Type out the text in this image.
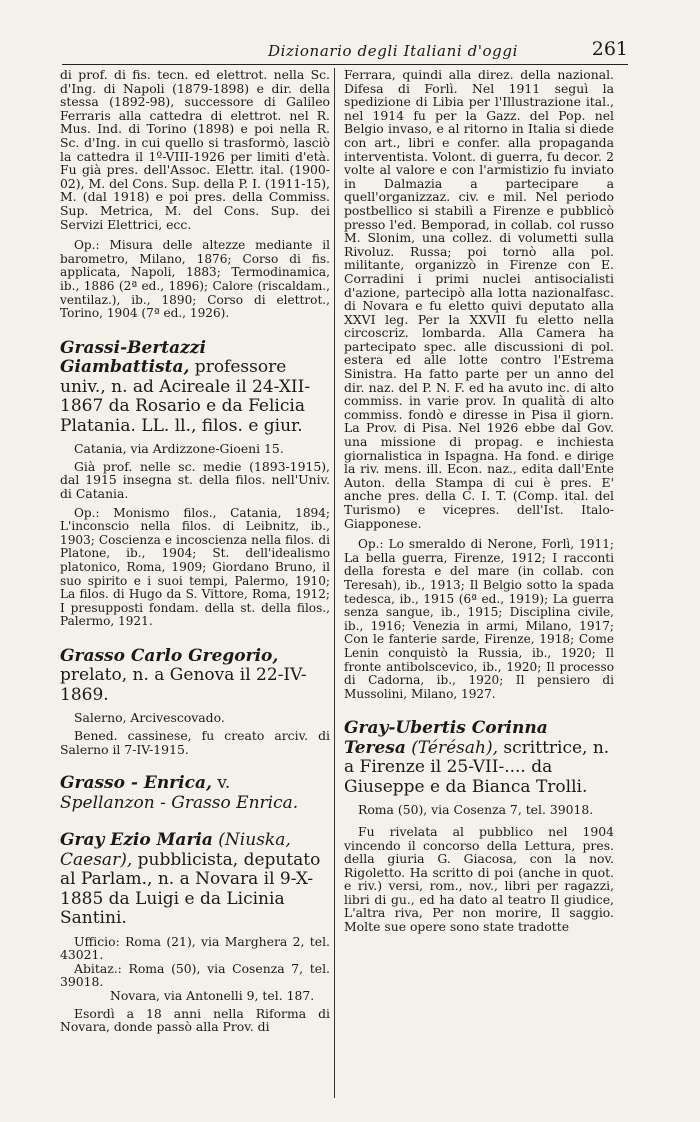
Dizionario degli Italiani d'oggi	261

di prof. di fis. tecn. ed elettrot. nella Sc. d'Ing. di Napoli (1879-1898) e dir. della stessa (1892-98), successore di Galileo Ferraris alla cattedra di elettrot. nel R. Mus. Ind. di Torino (1898) e poi nella R. Sc. d'Ing. in cui quello si trasformò, lasciò la cattedra il 1º-VIII-1926 per limiti d'età. Fu già pres. dell'Assoc. Elettr. ital. (1900-02), M. del Cons. Sup. della P. I. (1911-15), M. (dal 1918) e poi pres. della Commiss. Sup. Metrica, M. del Cons. Sup. dei Servizi Elettrici, ecc.

Op.: Misura delle altezze mediante il barometro, Milano, 1876; Corso di fis. applicata, Napoli, 1883; Termodinamica, ib., 1886 (2ª ed., 1896); Calore (riscaldam., ventilaz.), ib., 1890; Corso di elettrot., Torino, 1904 (7ª ed., 1926).

Grassi-Bertazzi Giambattista, professore univ., n. ad Acireale il 24-XII-1867 da Rosario e da Felicia Platania. LL. ll., filos. e giur.

Catania, via Ardizzone-Gioeni 15.

Già prof. nelle sc. medie (1893-1915), dal 1915 insegna st. della filos. nell'Univ. di Catania.

Op.: Monismo filos., Catania, 1894; L'inconscio nella filos. di Leibnitz, ib., 1903; Coscienza e incoscienza nella filos. di Platone, ib., 1904; St. dell'idealismo platonico, Roma, 1909; Giordano Bruno, il suo spirito e i suoi tempi, Palermo, 1910; La filos. di Hugo da S. Vittore, Roma, 1912; I presupposti fondam. della st. della filos., Palermo, 1921.

Grasso Carlo Gregorio, prelato, n. a Genova il 22-IV-1869.

Salerno, Arcivescovado.

Bened. cassinese, fu creato arciv. di Salerno il 7-IV-1915.

Grasso - Enrica, v. Spellanzon - Grasso Enrica.

Gray Ezio Maria (Niuska, Caesar), pubblicista, deputato al Parlam., n. a Novara il 9-X-1885 da Luigi e da Licinia Santini.

Ufficio: Roma (21), via Marghera 2, tel. 43021.

Abitaz.: Roma (50), via Cosenza 7, tel. 39018.

Novara, via Antonelli 9, tel. 187.

Esordì a 18 anni nella Riforma di Novara, donde passò alla Prov. di

Ferrara, quindi alla direz. della nazional. Difesa di Forlì. Nel 1911 seguì la spedizione di Libia per l'Illustrazione ital., nel 1914 fu per la Gazz. del Pop. nel Belgio invaso, e al ritorno in Italia si diede con art., libri e confer. alla propaganda interventista. Volont. di guerra, fu decor. 2 volte al valore e con l'armistizio fu inviato in Dalmazia a partecipare a quell'organizzaz. civ. e mil. Nel periodo postbellico si stabilì a Firenze e pubblicò presso l'ed. Bemporad, in collab. col russo M. Slonim, una collez. di volumetti sulla Rivoluz. Russa; poi tornò alla pol. militante, organizzò in Firenze con E. Corradini i primi nuclei antisocialisti d'azione, partecipò alla lotta nazionalfasc. di Novara e fu eletto quivi deputato alla XXVI leg. Per la XXVII fu eletto nella circoscriz. lombarda. Alla Camera ha partecipato spec. alle discussioni di pol. estera ed alle lotte contro l'Estrema Sinistra. Ha fatto parte per un anno del dir. naz. del P. N. F. ed ha avuto inc. di alto commiss. in varie prov. In qualità di alto commiss. fondò e diresse in Pisa il giorn. La Prov. di Pisa. Nel 1926 ebbe dal Gov. una missione di propag. e inchiesta giornalistica in Ispagna. Ha fond. e dirige la riv. mens. ill. Econ. naz., edita dall'Ente Auton. della Stampa di cui è pres. E' anche pres. della C. I. T. (Comp. ital. del Turismo) e vicepres. dell'Ist. Italo-Giapponese.

Op.: Lo smeraldo di Nerone, Forlì, 1911; La bella guerra, Firenze, 1912; I racconti della foresta e del mare (in collab. con Teresah), ib., 1913; Il Belgio sotto la spada tedesca, ib., 1915 (6ª ed., 1919); La guerra senza sangue, ib., 1915; Disciplina civile, ib., 1916; Venezia in armi, Milano, 1917; Con le fanterie sarde, Firenze, 1918; Come Lenin conquistò la Russia, ib., 1920; Il fronte antibolscevico, ib., 1920; Il processo di Cadorna, ib., 1920; Il pensiero di Mussolini, Milano, 1927.

Gray-Ubertis Corinna Teresa (Térésah), scrittrice, n. a Firenze il 25-VII-.... da Giuseppe e da Bianca Trolli.

Roma (50), via Cosenza 7, tel. 39018.

Fu rivelata al pubblico nel 1904 vincendo il concorso della Lettura, pres. della giuria G. Giacosa, con la nov. Rigoletto. Ha scritto di poi (anche in quot. e riv.) versi, rom., nov., libri per ragazzi, libri di gu., ed ha dato al teatro Il giudice, L'altra riva, Per non morire, Il saggio. Molte sue opere sono state tradotte
